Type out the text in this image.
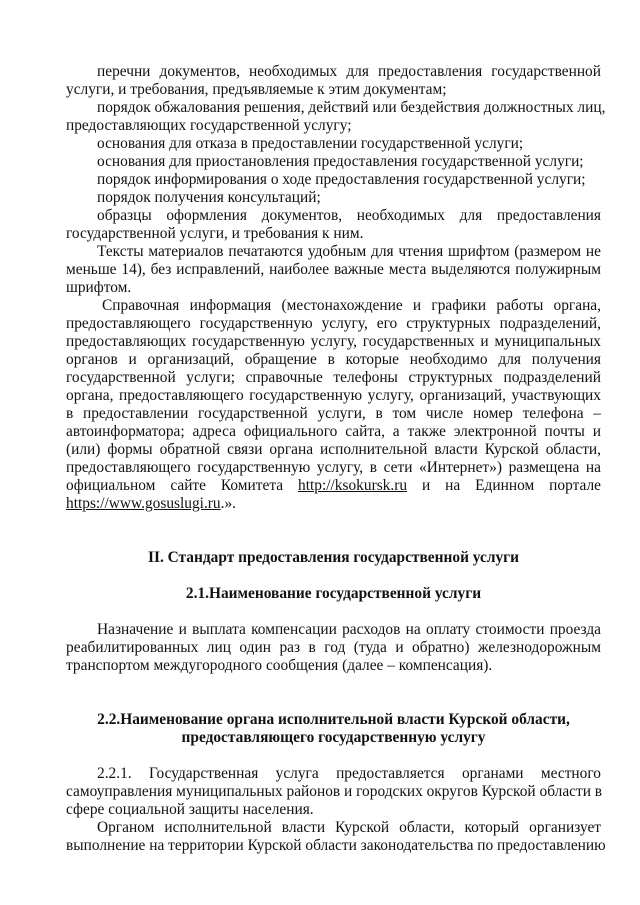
перечни документов, необходимых для предоставления государственной
услуги, и требования, предъявляемые к этим документам;
порядок обжалования решения, действий или бездействия должностных лиц,
предоставляющих государственной услугу;
основания для отказа в предоставлении государственной услуги;
основания для приостановления предоставления государственной услуги;
порядок информирования о ходе предоставления государственной услуги;
порядок получения консультаций;
образцы оформления документов, необходимых для предоставления
государственной услуги, и требования к ним.
Тексты материалов печатаются удобным для чтения шрифтом (размером не
меньше 14), без исправлений, наиболее важные места выделяются полужирным
шрифтом.
Справочная информация (местонахождение и графики работы органа,
предоставляющего государственную услугу, его структурных подразделений,
предоставляющих государственную услугу, государственных и муниципальных
органов и организаций, обращение в которые необходимо для получения
государственной услуги; справочные телефоны структурных подразделений
органа, предоставляющего государственную услугу, организаций, участвующих
в предоставлении государственной услуги, в том числе номер телефона –
автоинформатора; адреса официального сайта, а также электронной почты и
(или) формы обратной связи органа исполнительной власти Курской области,
предоставляющего государственную услугу, в сети «Интернет») размещена на
официальном сайте Комитета http://ksokursk.ru и на Единном портале
https://www.gosuslugi.ru.».
II. Стандарт предоставления государственной услуги
2.1.Наименование государственной услуги
Назначение и выплата компенсации расходов на оплату стоимости проезда
реабилитированных лиц один раз в год (туда и обратно) железнодорожным
транспортом междугородного сообщения (далее – компенсация).
2.2.Наименование органа исполнительной власти Курской области,
предоставляющего государственную услугу
2.2.1. Государственная услуга предоставляется органами местного
самоуправления муниципальных районов и городских округов Курской области в
сфере социальной защиты населения.
Органом исполнительной власти Курской области, который организует
выполнение на территории Курской области законодательства по предоставлению
